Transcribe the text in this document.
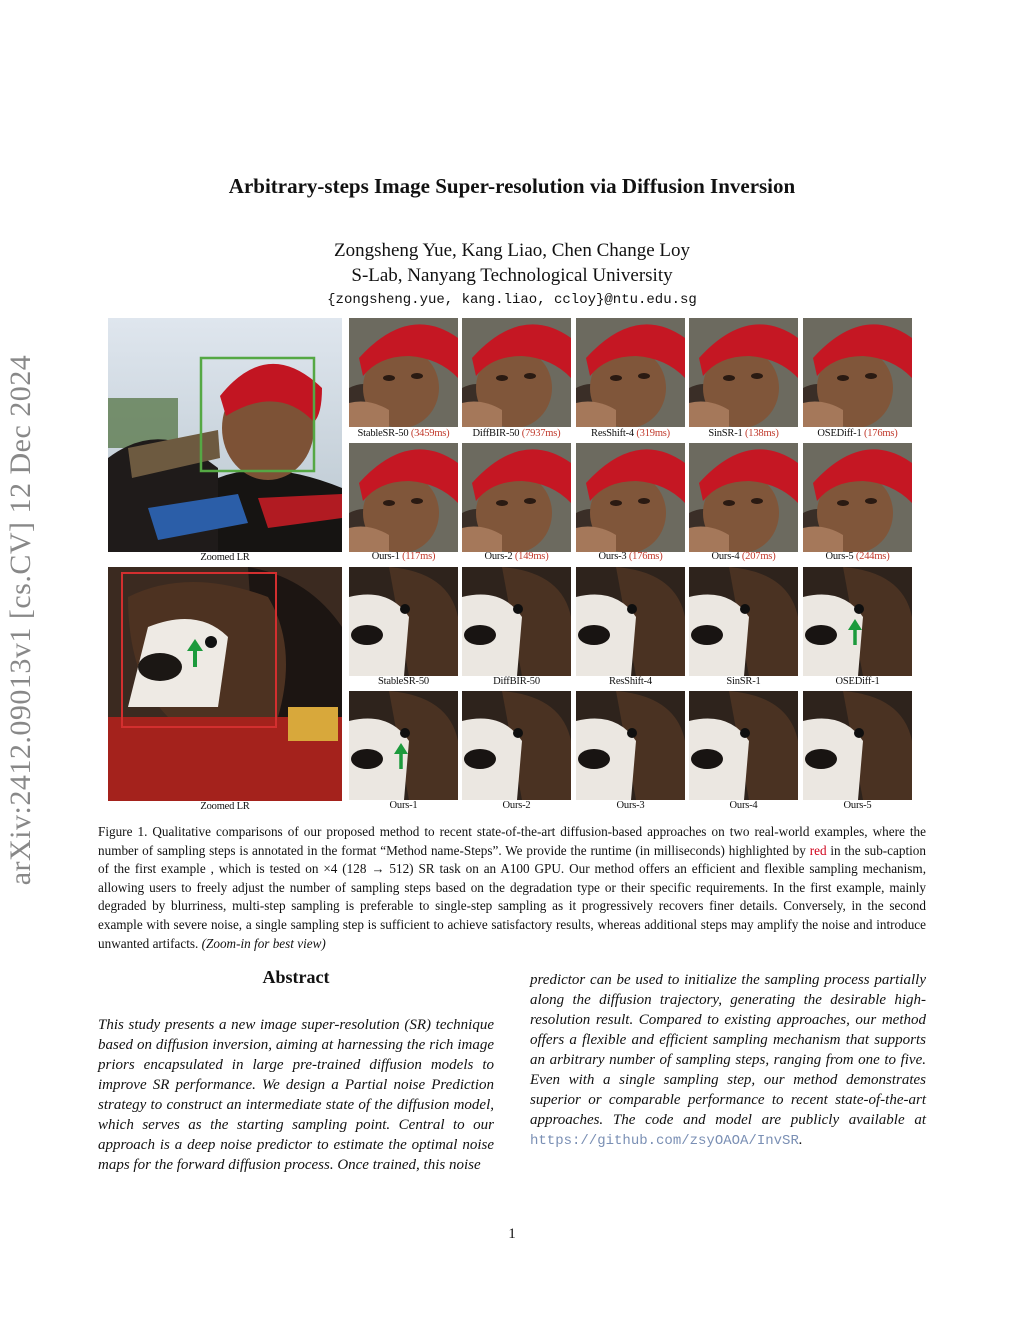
arXiv:2412.09013v1 [cs.CV] 12 Dec 2024
Arbitrary-steps Image Super-resolution via Diffusion Inversion
Zongsheng Yue, Kang Liao, Chen Change Loy
S-Lab, Nanyang Technological University
{zongsheng.yue, kang.liao, ccloy}@ntu.edu.sg
Zoomed LR
StableSR-50 (3459ms)	DiffBIR-50 (7937ms)	ResShift-4 (319ms)	SinSR-1 (138ms)	OSEDiff-1 (176ms)
Ours-1 (117ms)	Ours-2 (149ms)	Ours-3 (176ms)	Ours-4 (207ms)	Ours-5 (244ms)
Zoomed LR
StableSR-50	DiffBIR-50	ResShift-4	SinSR-1	OSEDiff-1
Ours-1	Ours-2	Ours-3	Ours-4	Ours-5
Figure 1. Qualitative comparisons of our proposed method to recent state-of-the-art diffusion-based approaches on two real-world examples, where the number of sampling steps is annotated in the format “Method name-Steps”. We provide the runtime (in milliseconds) highlighted by red in the sub-caption of the first example , which is tested on ×4 (128 → 512) SR task on an A100 GPU. Our method offers an efficient and flexible sampling mechanism, allowing users to freely adjust the number of sampling steps based on the degradation type or their specific requirements. In the first example, mainly degraded by blurriness, multi-step sampling is preferable to single-step sampling as it progressively recovers finer details. Conversely, in the second example with severe noise, a single sampling step is sufficient to achieve satisfactory results, whereas additional steps may amplify the noise and introduce unwanted artifacts. (Zoom-in for best view)
Abstract
This study presents a new image super-resolution (SR) technique based on diffusion inversion, aiming at harnessing the rich image priors encapsulated in large pre-trained diffusion models to improve SR performance. We design a Partial noise Prediction strategy to construct an intermediate state of the diffusion model, which serves as the starting sampling point. Central to our approach is a deep noise predictor to estimate the optimal noise maps for the forward diffusion process. Once trained, this noise
predictor can be used to initialize the sampling process partially along the diffusion trajectory, generating the desirable high-resolution result. Compared to existing approaches, our method offers a flexible and efficient sampling mechanism that supports an arbitrary number of sampling steps, ranging from one to five. Even with a single sampling step, our method demonstrates superior or comparable performance to recent state-of-the-art approaches. The code and model are publicly available at https://github.com/zsyOAOA/InvSR.
1
